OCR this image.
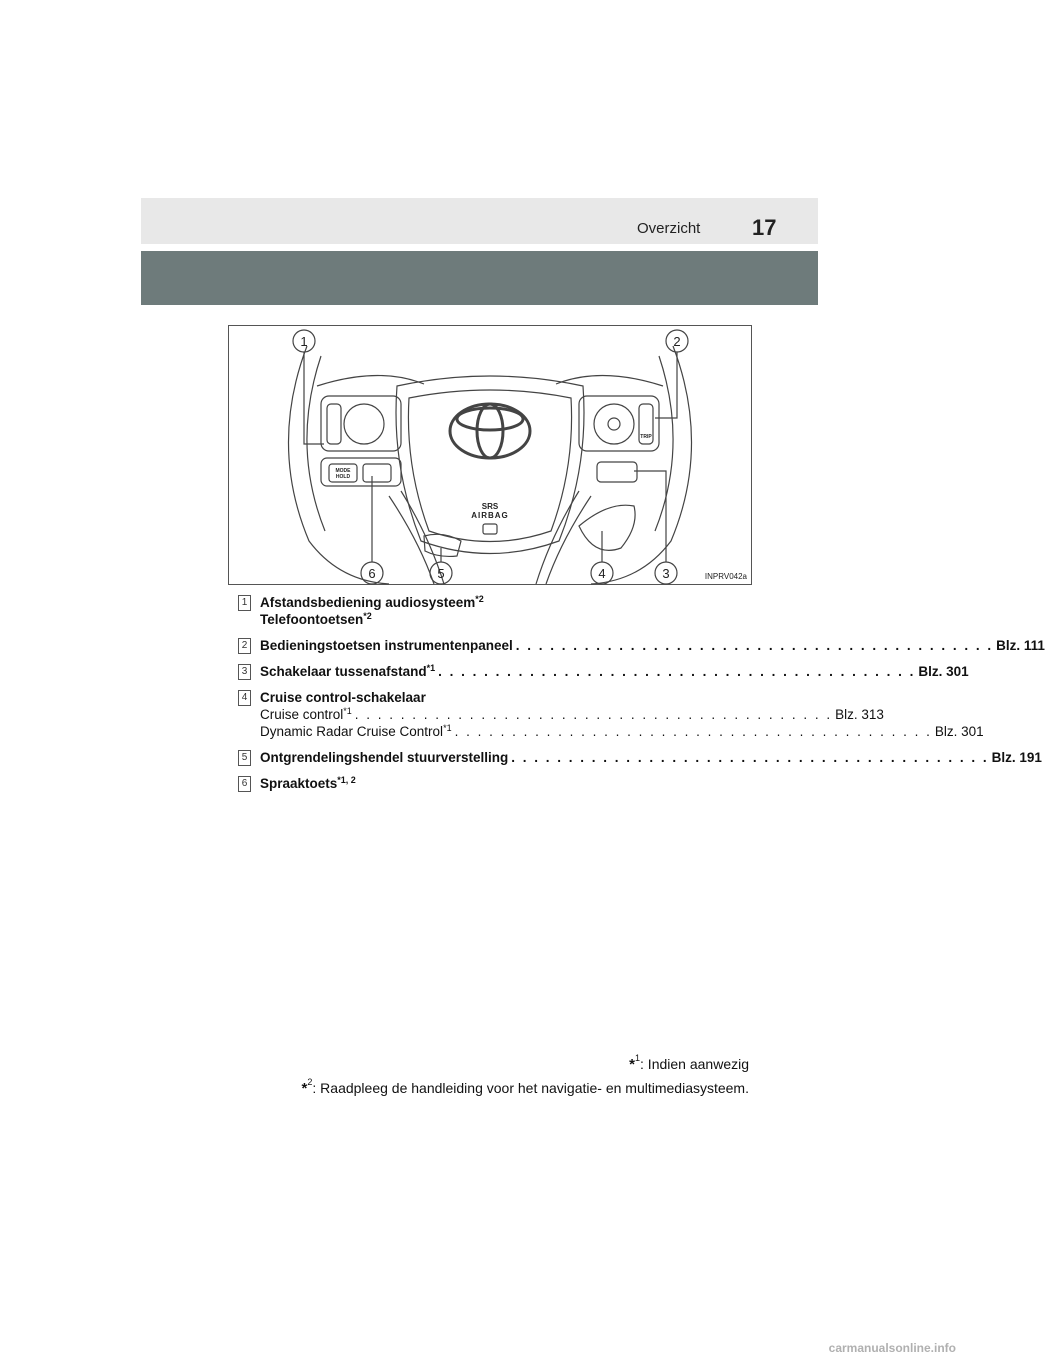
Overzicht 17
1	2
3
4
5
6
SRS
AIRBAG
MODE
HOLD
TRIP
INPRV042a
1 Afstandsbediening audiosysteem$^{*2}$
Telefoontoetsen$^{*2}$
2 Bedieningstoetsen instrumentenpaneel . . . . . . . . . . . . . . . . . . . . . . . . . . . . . . . . . . . . . . . . . . Blz. 111
3 Schakelaar tussenafstand$^{*1}$ . . . . . . . . . . . . . . . . . . . . . . . . . . . . . . . . . . . . . . . . . . Blz. 301
4 Cruise control-schakelaar
Cruise control$^{*1}$ . . . . . . . . . . . . . . . . . . . . . . . . . . . . . . . . . . . . . . . . . . Blz. 313
Dynamic Radar Cruise Control$^{*1}$ . . . . . . . . . . . . . . . . . . . . . . . . . . . . . . . . . . . . . . . . . . Blz. 301
5 Ontgrendelingshendel stuurverstelling . . . . . . . . . . . . . . . . . . . . . . . . . . . . . . . . . . . . . . . . . . Blz. 191
6 Spraaktoets$^{*1, 2}$
*$^1$: Indien aanwezig
*$^2$: Raadpleeg de handleiding voor het navigatie- en multimediasysteem.
carmanualsonline.info
